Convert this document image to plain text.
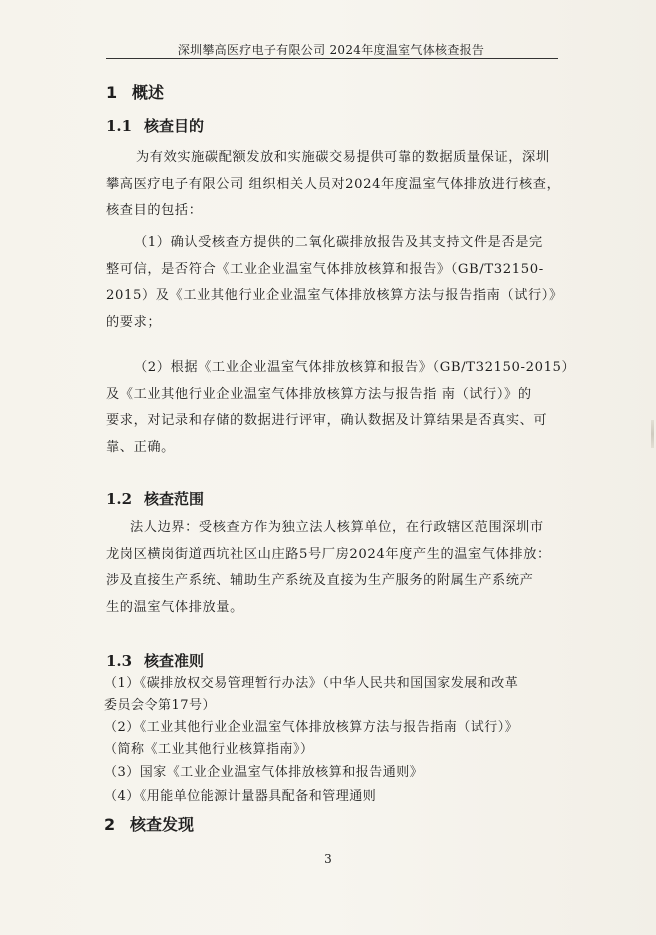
深圳攀高医疗电子有限公司 2024年度温室气体核查报告
1 概述
1.1 核查目的
为有效实施碳配额发放和实施碳交易提供可靠的数据质量保证，深圳
攀高医疗电子有限公司 组织相关人员对2024年度温室气体排放进行核查，
核查目的包括：
（1）确认受核查方提供的二氧化碳排放报告及其支持文件是否是完
整可信，是否符合《工业企业温室气体排放核算和报告》（GB/T32150-
2015）及《工业其他行业企业温室气体排放核算方法与报告指南（试行）》
的要求；
（2）根据《工业企业温室气体排放核算和报告》（GB/T32150-2015）
及《工业其他行业企业温室气体排放核算方法与报告指 南（试行）》的
要求，对记录和存储的数据进行评审，确认数据及计算结果是否真实、可
靠、正确。
1.2 核查范围
法人边界：受核查方作为独立法人核算单位，在行政辖区范围深圳市
龙岗区横岗街道西坑社区山庄路5号厂房2024年度产生的温室气体排放：
涉及直接生产系统、辅助生产系统及直接为生产服务的附属生产系统产
生的温室气体排放量。
1.3 核查准则
（1）《碳排放权交易管理暂行办法》（中华人民共和国国家发展和改革
委员会令第17号）
（2）《工业其他行业企业温室气体排放核算方法与报告指南（试行）》
（简称《工业其他行业核算指南》）
（3）国家《工业企业温室气体排放核算和报告通则》
（4）《用能单位能源计量器具配备和管理通则
2 核查发现
3
